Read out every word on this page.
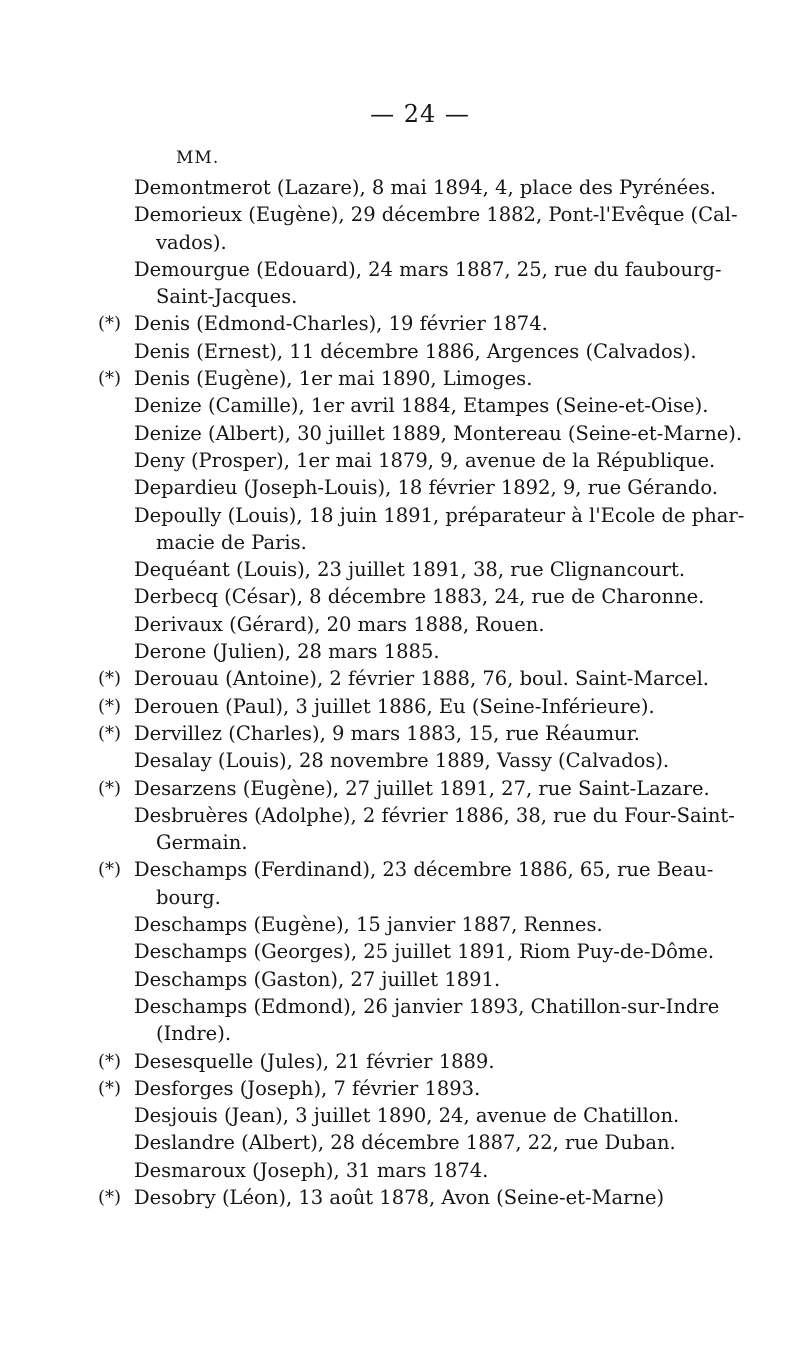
— 24 —
MM.
Demontmerot (Lazare), 8 mai 1894, 4, place des Pyrénées.
Demorieux (Eugène), 29 décembre 1882, Pont-l'Evêque (Cal-
vados).
Demourgue (Edouard), 24 mars 1887, 25, rue du faubourg-
Saint-Jacques.
(*) Denis (Edmond-Charles), 19 février 1874.
Denis (Ernest), 11 décembre 1886, Argences (Calvados).
(*) Denis (Eugène), 1er mai 1890, Limoges.
Denize (Camille), 1er avril 1884, Etampes (Seine-et-Oise).
Denize (Albert), 30 juillet 1889, Montereau (Seine-et-Marne).
Deny (Prosper), 1er mai 1879, 9, avenue de la République.
Depardieu (Joseph-Louis), 18 février 1892, 9, rue Gérando.
Depoully (Louis), 18 juin 1891, préparateur à l'Ecole de phar-
macie de Paris.
Dequéant (Louis), 23 juillet 1891, 38, rue Clignancourt.
Derbecq (César), 8 décembre 1883, 24, rue de Charonne.
Derivaux (Gérard), 20 mars 1888, Rouen.
Derone (Julien), 28 mars 1885.
(*) Derouau (Antoine), 2 février 1888, 76, boul. Saint-Marcel.
(*) Derouen (Paul), 3 juillet 1886, Eu (Seine-Inférieure).
(*) Dervillez (Charles), 9 mars 1883, 15, rue Réaumur.
Desalay (Louis), 28 novembre 1889, Vassy (Calvados).
(*) Desarzens (Eugène), 27 juillet 1891, 27, rue Saint-Lazare.
Desbruères (Adolphe), 2 février 1886, 38, rue du Four-Saint-
Germain.
(*) Deschamps (Ferdinand), 23 décembre 1886, 65, rue Beau-
bourg.
Deschamps (Eugène), 15 janvier 1887, Rennes.
Deschamps (Georges), 25 juillet 1891, Riom Puy-de-Dôme.
Deschamps (Gaston), 27 juillet 1891.
Deschamps (Edmond), 26 janvier 1893, Chatillon-sur-Indre
(Indre).
(*) Desesquelle (Jules), 21 février 1889.
(*) Desforges (Joseph), 7 février 1893.
Desjouis (Jean), 3 juillet 1890, 24, avenue de Chatillon.
Deslandre (Albert), 28 décembre 1887, 22, rue Duban.
Desmaroux (Joseph), 31 mars 1874.
(*) Desobry (Léon), 13 août 1878, Avon (Seine-et-Marne)
